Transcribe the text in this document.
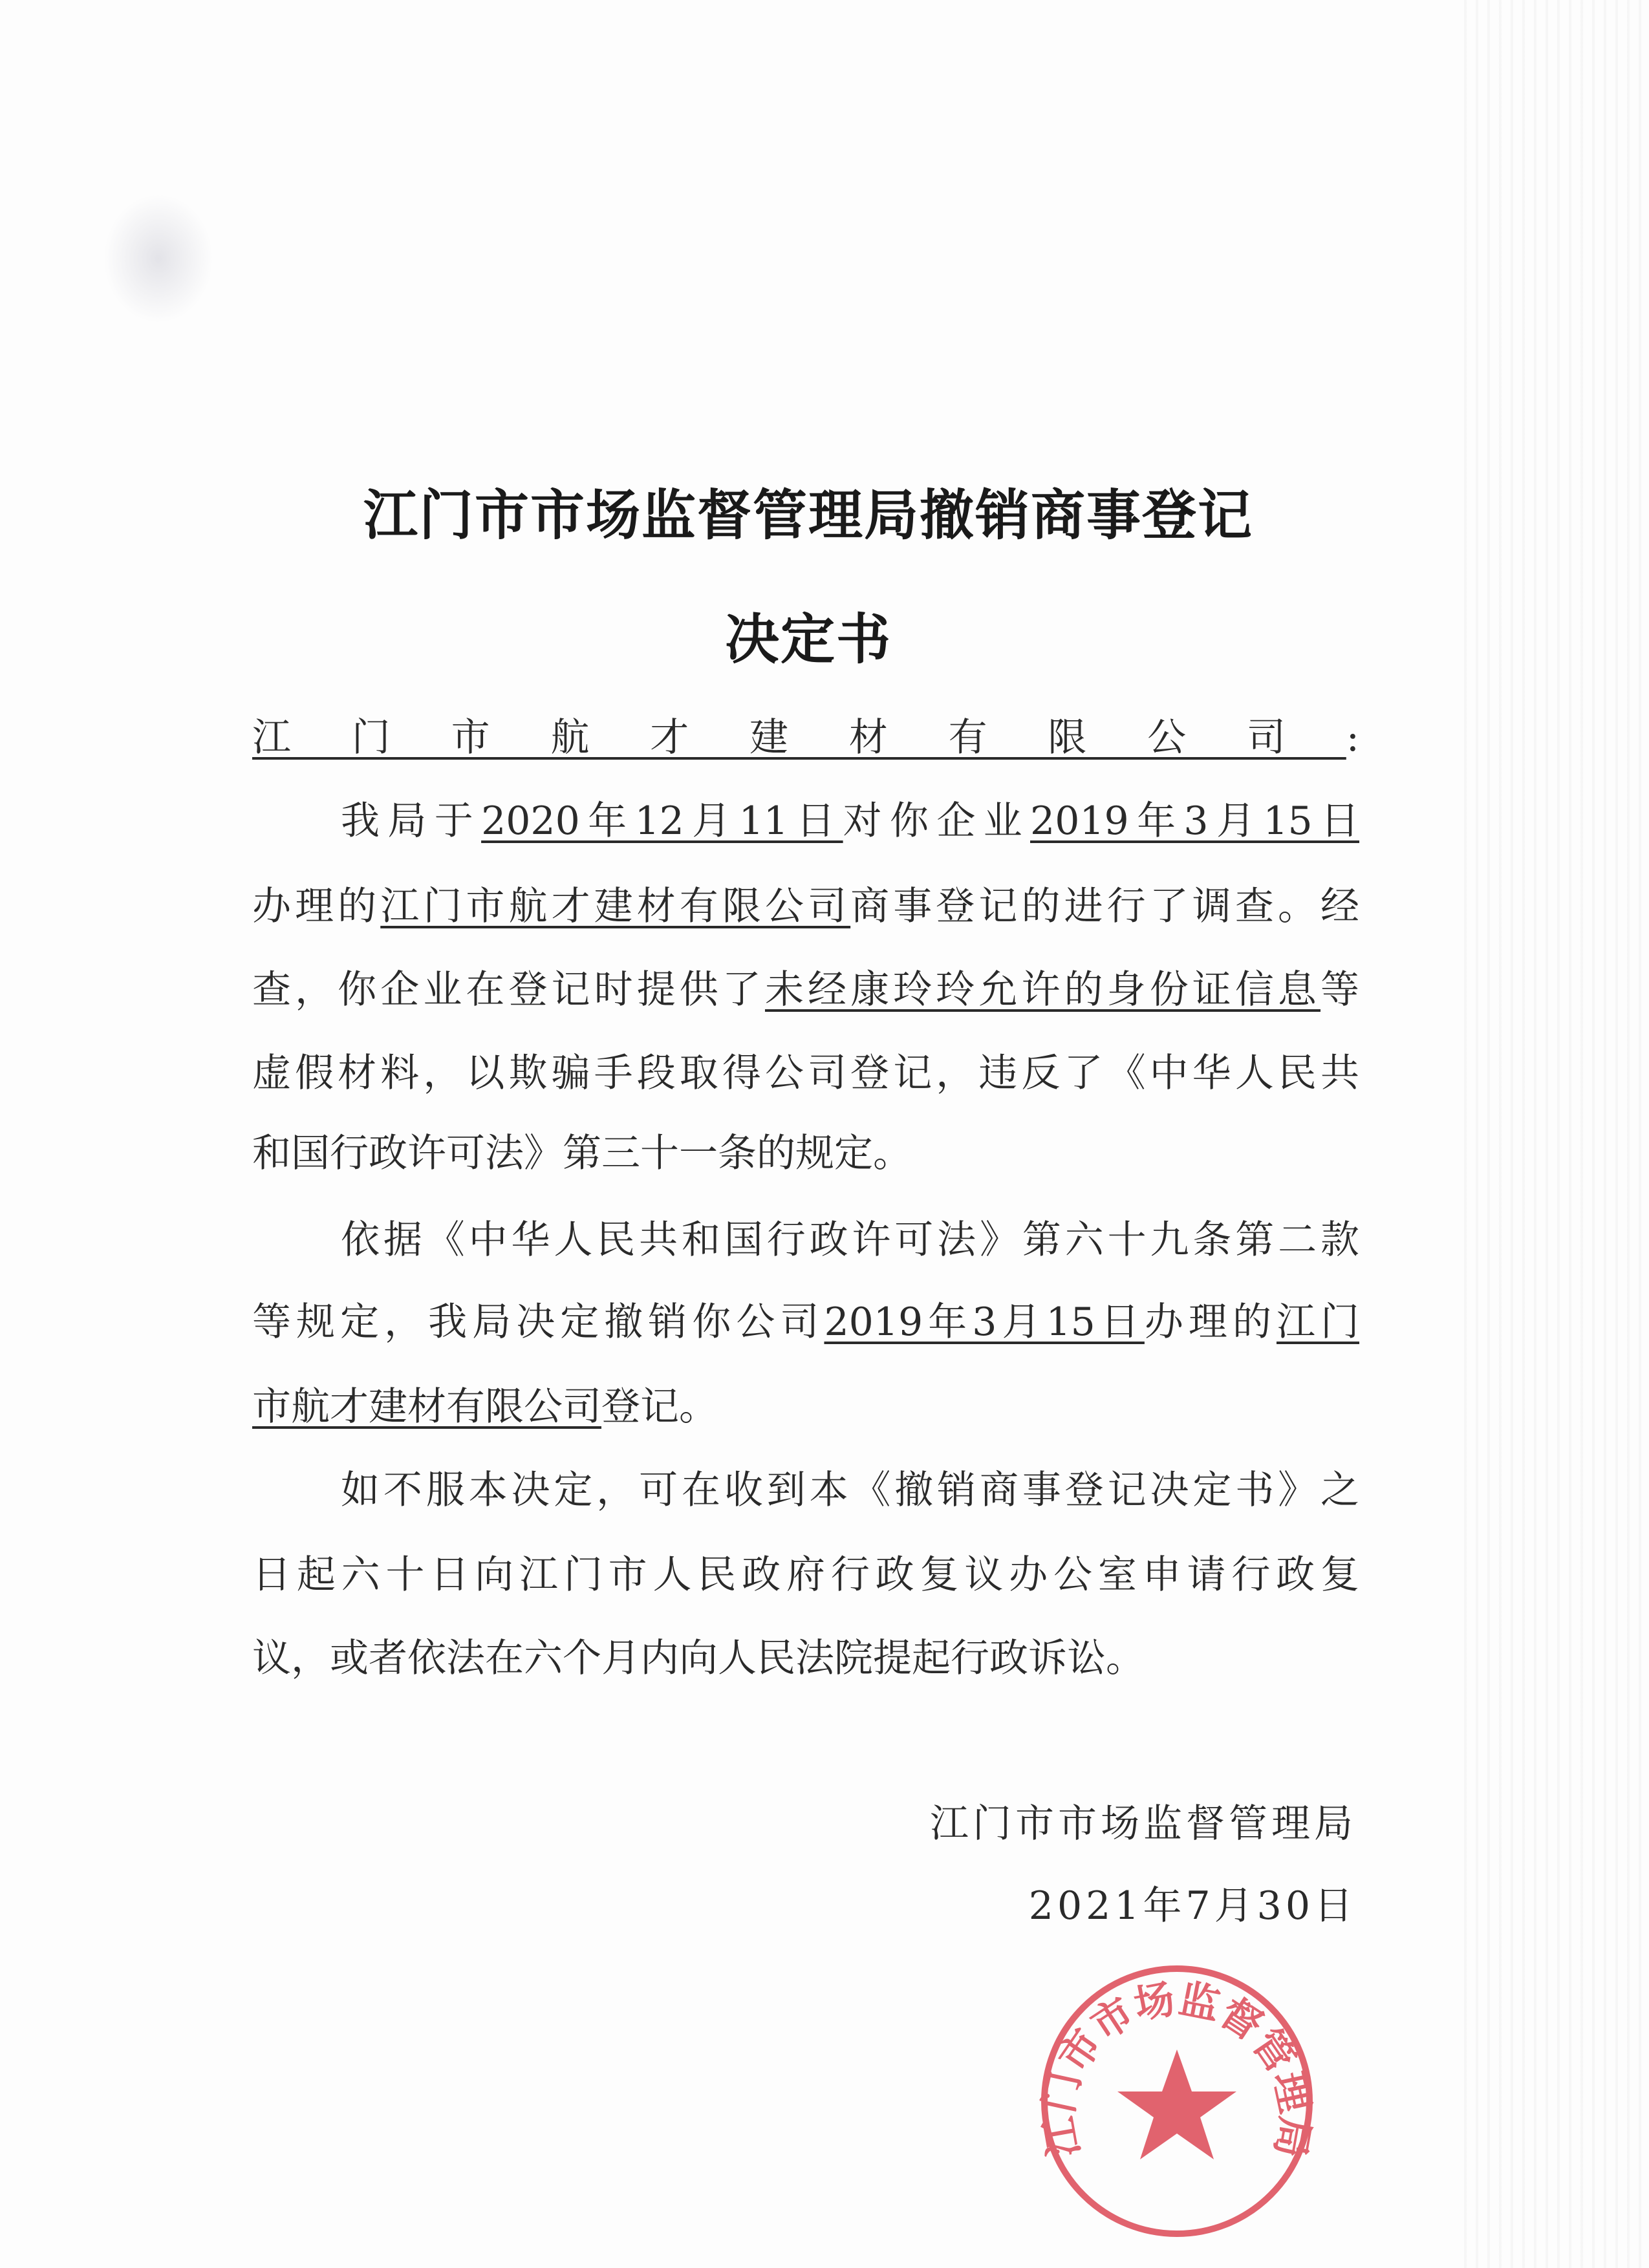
江门市市场监督管理局撤销商事登记
决定书
江门市航才建材有限公司:
我局于2020年12月11日对你企业2019年3月15日
办理的江门市航才建材有限公司商事登记的进行了调查。经
查，你企业在登记时提供了未经康玲玲允许的身份证信息等
虚假材料，以欺骗手段取得公司登记，违反了《中华人民共
和国行政许可法》第三十一条的规定。
依据《中华人民共和国行政许可法》第六十九条第二款
等规定，我局决定撤销你公司2019年3月15日办理的江门
市航才建材有限公司登记。
如不服本决定，可在收到本《撤销商事登记决定书》之
日起六十日向江门市人民政府行政复议办公室申请行政复
议，或者依法在六个月内向人民法院提起行政诉讼。
江门市市场监督管理局
2021年7月30日
江门市市场监督管理局
